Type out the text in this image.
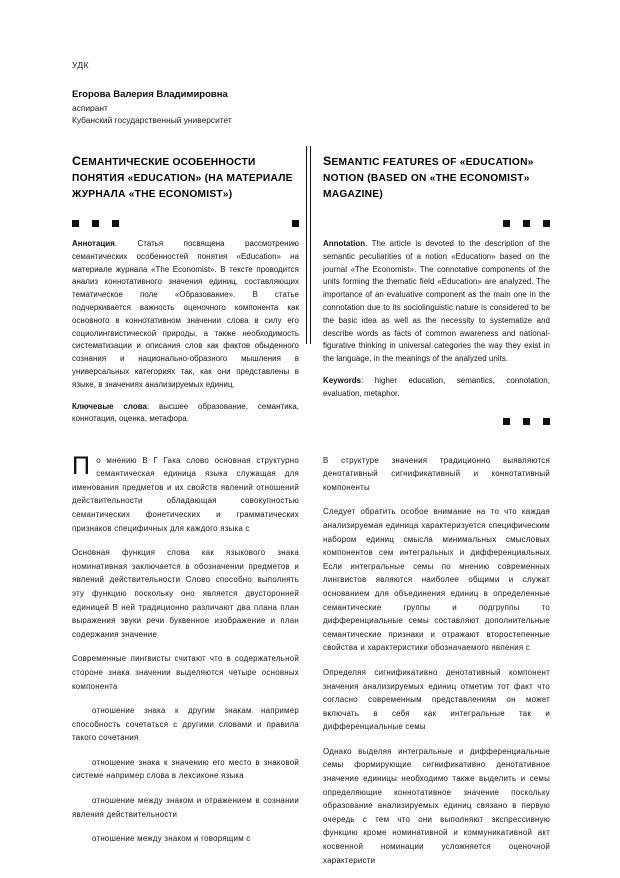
УДК
Егорова Валерия Владимировна
аспирант
Кубанский государственный университет
СЕМАНТИЧЕСКИЕ ОСОБЕННОСТИ ПОНЯТИЯ «EDUCATION» (НА МАТЕРИАЛЕ ЖУРНАЛА «THE ECONOMIST»)
Аннотация. Статья посвящена рассмотрению семантических особенностей понятия «Education» на материале журнала «The Economist». В тексте проводится анализ коннотативного значения единиц, составляющих тематическое поле «Образование». В статье подчеркивается важность оценочного компонента как основного в коннотативном значении слова в силу его социолингвистической природы, а также необходимость систематизации и описания слов как фактов обыденного сознания и национально-образного мышления в универсальных категориях так, как они представлены в языке, в значениях анализируемых единиц.
Ключевые слова: высшее образование, семантика, коннотация, оценка, метафора.
SEMANTIC FEATURES OF «EDUCATION» NOTION (BASED ON «THE ECONOMIST» MAGAZINE)
Annotation. The article is devoted to the description of the semantic peculiarities of a notion «Education» based on the journal «The Economist». The connotative components of the units forming the thematic field «Education» are analyzed. The importance of an evaluative component as the main one in the connotation due to its sociolinguistic nature is considered to be the basic idea as well as the necessity to systematize and describe words as facts of common awareness and national-figurative thinking in universal categories the way they exist in the language, in the meanings of the analyzed units.
Keywords: higher education, semantics, connotation, evaluation, metaphor.

По мнению В Г Гака слово основная структурно семантическая единица языка служащая для именования предметов и их свойств явлений отношений действительности обладающая совокупностью семантических фонетических и грамматических признаков специфичных для каждого языка с

Основная функция слова как языкового знака номинативная заключается в обозначении предметов и явлений действительности Слово способно выполнять эту функцию поскольку оно является двусторонней единицей В ней традиционно различают два плана план выражения звуки речи буквенное изображение и план содержания значение

Современные лингвисты считают что в содержательной стороне знака значении выделяются четыре основных компонента

отношение знака к другим знакам например способность сочетаться с другими словами и правила такого сочетания

отношение знака к значению его место в знаковой системе например слова в лексиконе языка

отношение между знаком и отражением в сознании явления действительности

отношение между знаком и говорящим с

В структуре значения традиционно выявляются денотативный сигнификативный и коннотативный компоненты

Следует обратить особое внимание на то что каждая анализируемая единица характеризуется специфическим набором единиц смысла минимальных смысловых компонентов сем интегральных и дифференциальных Если интегральные семы по мнению современных лингвистов являются наиболее общими и служат основанием для объединения единиц в определенные семантические группы и подгруппы то дифференциальные семы составляют дополнительные семантические признаки и отражают второстепенные свойства и характеристики обозначаемого явления с

Определяя сигнификативно денотативный компонент значения анализируемых единиц отметим тот факт что согласно современным представлениям он может включать в себя как интегральные так и дифференциальные семы

Однако выделяя интегральные и дифференциальные семы формирующие сигнификативно денотативное значение единицы необходимо также выделить и семы определяющие коннотативное значение поскольку образование анализируемых единиц связано в первую очередь с тем что они выполняют экспрессивную функцию кроме номинативной и коммуникативной акт косвенной номинации усложняется оценочной характеристи
